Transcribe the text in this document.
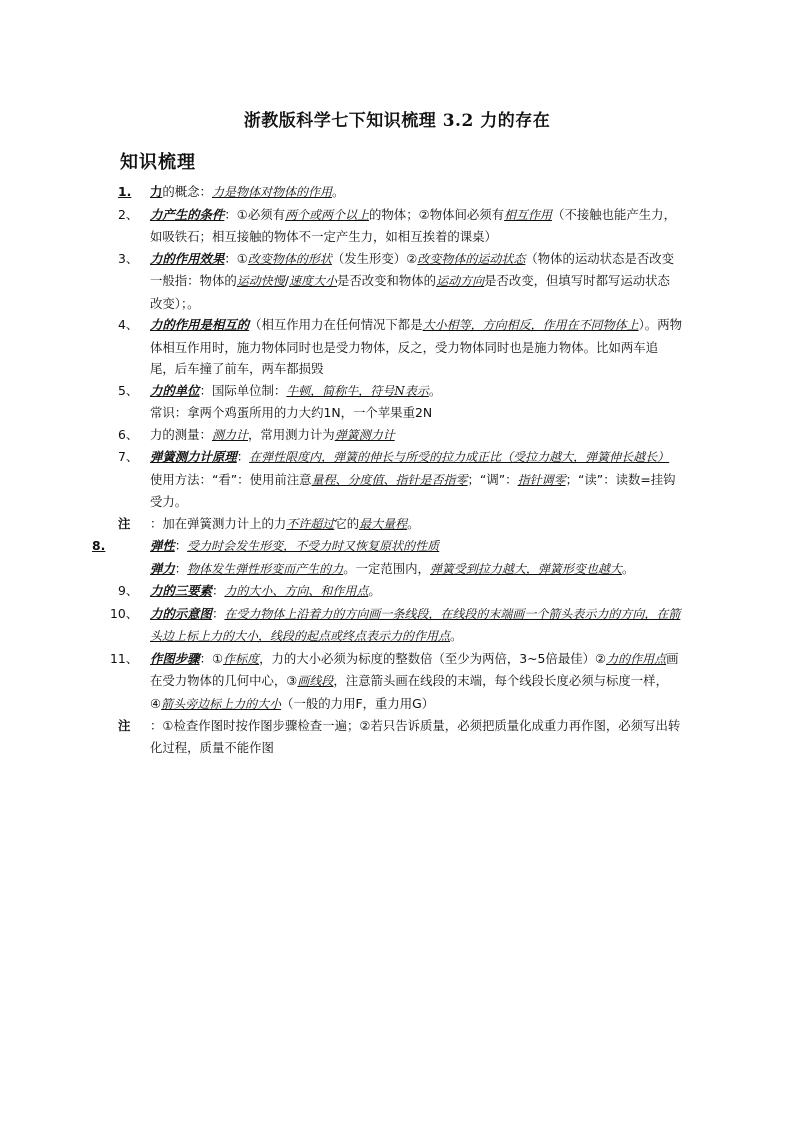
浙教版科学七下知识梳理 3.2 力的存在
知识梳理
1. 力的概念：力是物体对物体的作用。
2、 力产生的条件：①必须有两个或两个以上的物体；②物体间必须有相互作用（不接触也能产生力，如吸铁石；相互接触的物体不一定产生力，如相互挨着的课桌）
3、 力的作用效果：①改变物体的形状（发生形变）②改变物体的运动状态（物体的运动状态是否改变一般指：物体的运动快慢/速度大小是否改变和物体的运动方向是否改变，但填写时都写运动状态改变）；。
4、 力的作用是相互的（相互作用力在任何情况下都是大小相等，方向相反，作用在不同物体上）。两物体相互作用时，施力物体同时也是受力物体，反之，受力物体同时也是施力物体。比如两车追尾，后车撞了前车，两车都损毁
5、 力的单位：国际单位制：牛顿，简称牛，符号N表示。
常识：拿两个鸡蛋所用的力大约1N，一个苹果重2N
6、 力的测量：测力计，常用测力计为弹簧测力计
7、 弹簧测力计原理：在弹性限度内，弹簧的伸长与所受的拉力成正比（受拉力越大，弹簧伸长越长）
使用方法：“看”：使用前注意量程、分度值、指针是否指零；“调”：指针调零；“读”：读数=挂钩受力。
注 ：加在弹簧测力计上的力不许超过它的最大量程。
8.	弹性：受力时会发生形变，不受力时又恢复原状的性质
弹力：物体发生弹性形变而产生的力。一定范围内，弹簧受到拉力越大，弹簧形变也越大。
9、 力的三要素：力的大小、方向、和作用点。
10、 力的示意图：在受力物体上沿着力的方向画一条线段，在线段的末端画一个箭头表示力的方向，在箭头边上标上力的大小，线段的起点或终点表示力的作用点。
11、 作图步骤：①作标度，力的大小必须为标度的整数倍（至少为两倍，3~5倍最佳）②力的作用点画在受力物体的几何中心，③画线段，注意箭头画在线段的末端，每个线段长度必须与标度一样，
④箭头旁边标上力的大小（一般的力用F，重力用G）
注 ：①检查作图时按作图步骤检查一遍；②若只告诉质量，必须把质量化成重力再作图，必须写出转化过程，质量不能作图
